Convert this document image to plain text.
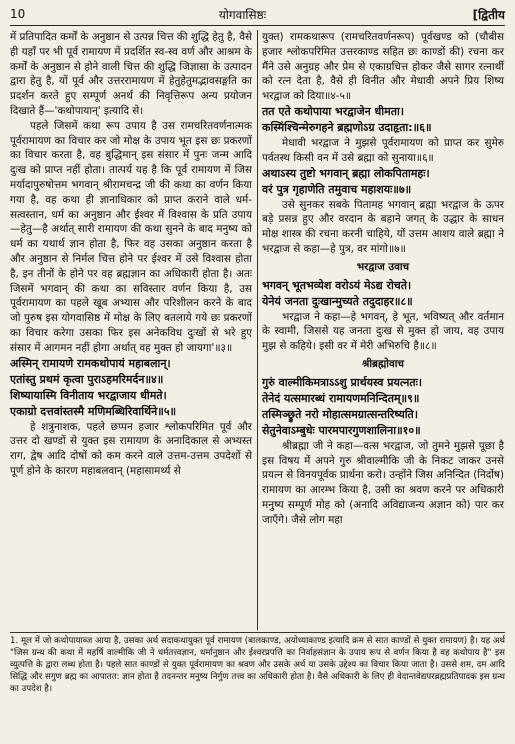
10	योगवासिष्ठः	[द्वितीय

में प्रतिपादित कर्मों के अनुष्ठान से उत्पन्न चित्त की शुद्धि हेतु है, वैसे ही यहाँ पर भी पूर्व रामायण में प्रदर्शित स्व-स्व वर्ण और आश्रम के कर्मों के अनुष्ठान से होने वाली चित्त की शुद्धि जिज्ञासा के उत्पादन द्वारा हेतु है, यों पूर्व और उत्तररामायण में हेतुहेतुमद्भावसङ्गति का प्रदर्शन करते हुए सम्पूर्ण अनर्थ की निवृत्तिरूप अन्य प्रयोजन दिखाते हैं—'कथोपायान्' इत्यादि से।

पहले जिसमें कथा रूप उपाय है उस रामचरितवर्णनात्मक पूर्वरामायण का विचार कर जो मोक्ष के उपाय भूत इस छः प्रकरणों का विचार करता है, वह बुद्धिमान् इस संसार में पुनः जन्म आदि दुःख को प्राप्त नहीं होता। तात्पर्य यह है कि पूर्व रामायण में जिस मर्यादापुरुषोत्तम भगवान् श्रीरामचन्द्र जी की कथा का वर्णन किया गया है, वह कथा ही ज्ञानाधिकार को प्राप्त कराने वाले धर्म-सत्वस्तान, धर्म का अनुष्ठान और ईश्वर में विश्वास के प्रति उपाय—हेतु—है अर्थात् सारी रामायण की कथा सुनने के बाद मनुष्य को धर्म का यथार्थ ज्ञान होता है, फिर वह उसका अनुष्ठान करता है और अनुष्ठान से निर्मल चित्त होने पर ईश्वर में उसे विश्वास होता है, इन तीनों के होने पर वह ब्रह्मज्ञान का अधिकारी होता है। अतः जिसमें भगवान् की कथा का सविस्तार वर्णन किया है, उस पूर्वरामायण का पहले खूब अभ्यास और परिशीलन करने के बाद जो पुरुष इस योगवासिष्ठ में मोक्ष के लिए बतलाये गये छः प्रकरणों का विचार करेगा उसका फिर इस अनेकविध दुःखों से भरे हुए संसार में आगमन नहीं होगा अर्थात् वह मुक्त हो जायगा'॥३॥

अस्मिन् रामायणे रामकथोपायं महाबलान्।
एतांस्तु प्रथमं कृत्वा पुराऽहमरिमर्दन॥४॥
शिष्यायास्मि विनीताय भरद्वाजाय धीमते।
एकाग्रो दत्तवांस्तस्मै मणिमब्धिरिवार्थिने॥५॥

हे शत्रुनाशक, पहले छप्पन हजार श्लोकपरिमित पूर्व और उत्तर दो खण्डों से युक्त इस रामायण के अनादिकाल से अभ्यस्त राग, द्वेष आदि दोषों को कम करने वाले उत्तम-उत्तम उपदेशों से पूर्ण होने के कारण महाबलवान् (महासामर्थ्य से

युक्त) रामकथारूप (रामचरितवर्णनरूप) पूर्वखण्ड को (चौबीस हजार श्लोकपरिमित उत्तरकाण्ड सहित छः काण्डों की) रचना कर मैंने उसे अनुग्रह और प्रेम से एकाग्रचित्त होकर जैसे सागर रत्नार्थी को रत्न देता है, वैसे ही विनीत और मेधावी अपने प्रिय शिष्य भरद्वाज को दिया॥४-५॥

तत एते कथोपाया भरद्वाजेन धीमता।
कस्मिंश्चिन्मेरुगहने ब्रह्मणोऽग्र उदाहृता:॥६॥

मेधावी भरद्वाज ने मुझसे पूर्वरामायण को प्राप्त कर सुमेरु पर्वतस्थ किसी वन में उसे ब्रह्मा को सुनाया॥६॥

अथाऽस्य तुष्टो भगवान् ब्रह्मा लोकपितामहः।
वरं पुत्र गृहाणेति तमुवाच महाशयः॥७॥

उसे सुनकर सबके पितामह भगवान् ब्रह्मा भरद्वाज के ऊपर बड़े प्रसन्न हुए और वरदान के बहाने जगत् के उद्धार के साधन मोक्ष शास्त्र की रचना करनी चाहिये, यों उत्तम आशय वाले ब्रह्मा ने भरद्वाज से कहा—हे पुत्र, वर मांगो॥७॥

भरद्वाज उवाच

भगवन् भूतभव्येश वरोऽयं मेऽद्य रोचते।
येनेयं जनता दुःखान्मुच्यते तदुदाहर॥८॥

भरद्वाज ने कहा—हे भगवन्, हे भूत, भविष्यत् और वर्तमान के स्वामी, जिससे यह जनता दुःख से मुक्त हो जाय, वह उपाय मुझ से कहिये। इसी वर में मेरी अभिरुचि है॥८॥

श्रीब्रह्मोवाच

गुरुं वाल्मीकिमत्राऽऽशु प्रार्थयस्व प्रयत्नतः।
तेनेदं यत्समारब्धं रामायणमनिन्दितम्॥९॥
तस्मिञ्छ्रुते नरो मोहात्समग्रात्सन्तरिष्यति।
सेतुनेवाऽम्बुधेः पारमपारगुणशालिना॥१०॥

श्रीब्रह्मा जी ने कहा—वत्स भरद्वाज, जो तुमने मुझसे पूछा है इस विषय में अपने गुरु श्रीवाल्मीकि जी के निकट जाकर उनसे प्रयत्न से विनयपूर्वक प्रार्थना करो। उन्होंने जिस अनिन्दित (निर्दोष) रामायण का आरम्भ किया है, उसी का श्रवण करने पर अधिकारी मनुष्य सम्पूर्ण मोह को (अनादि अविद्याजन्य अज्ञान को) पार कर जाएँगे। जैसे लोग महा

1. मूल में जो कथोपायाब्ज आया है, उसका अर्थ सदाकथायुक्त पूर्व रामायण (बालकाण्ड, अयोध्याकाण्ड इत्यादि क्रम से सात काण्डों से युक्त रामायण) है। यह अर्थ "जिस ग्रन्थ की कथा में महर्षि वाल्मीकि जी ने धर्मतत्त्वज्ञान, धर्मानुष्ठान और ईश्वरप्रपत्ति का निर्वाहसंज्ञान के उपाय रूप से वर्णन किया है वह कथोपाय है" इस व्युत्पत्ति के द्वारा लब्ध होता है। पहले सात काण्डों से युक्त पूर्वरामायण का श्रवण और उसके अर्थ या उसके उद्देश्य का विचार किया जाता है। उससे शम, दम आदि सिद्धि और सगुण ब्रह्म का आपातत: ज्ञान होता है तदनन्तर मनुष्य निर्गुण तत्त्व का अधिकारी होता है। वैसे अधिकारी के लिए ही वेदान्तवेद्यपरब्रह्मप्रतिपादक इस ग्रन्थ का उपदेश है।
